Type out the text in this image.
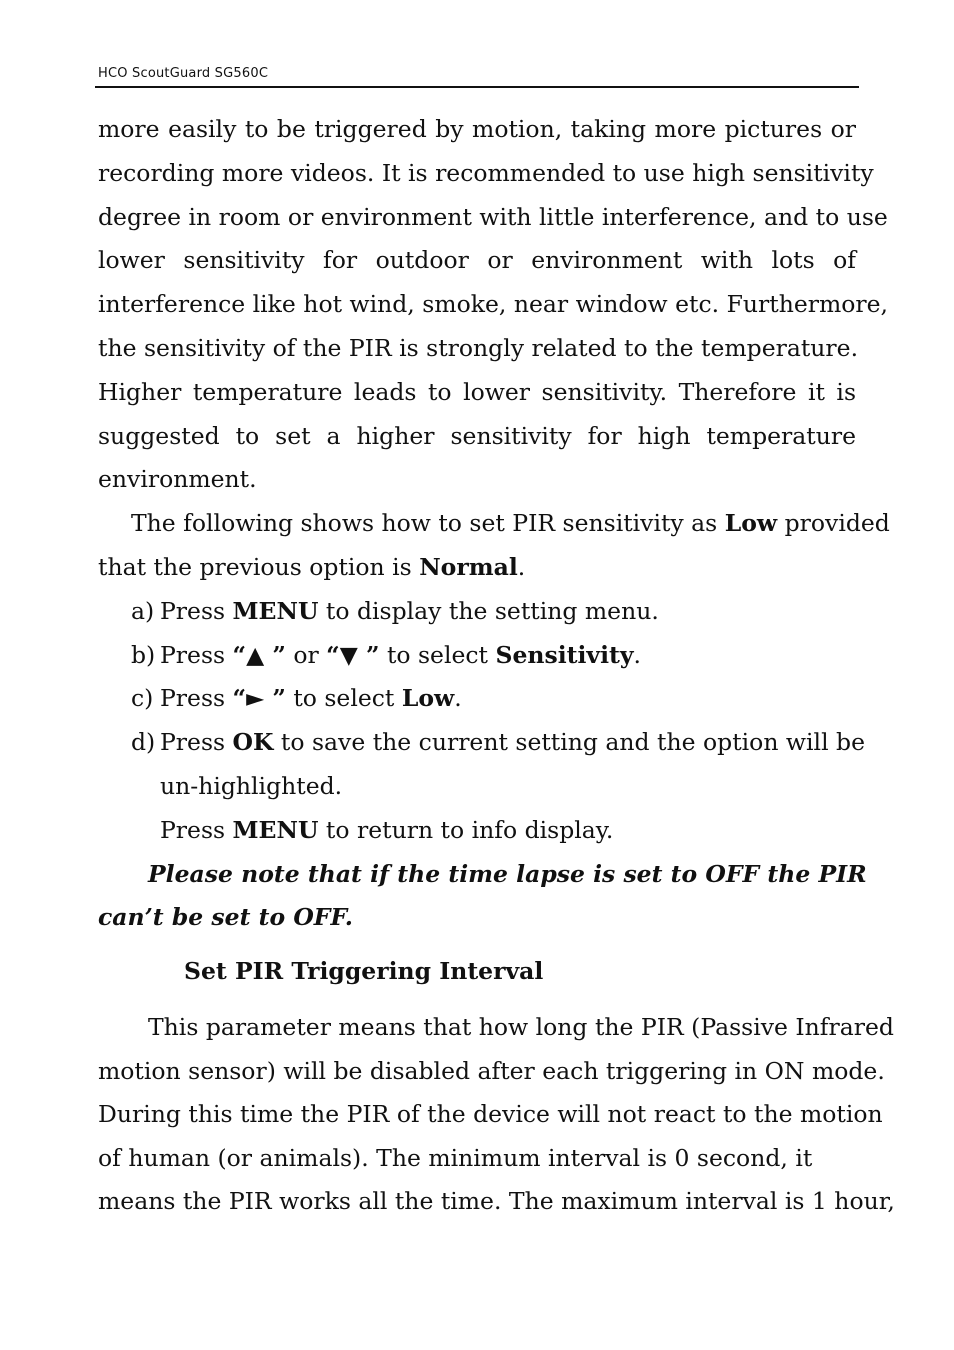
HCO ScoutGuard SG560C
more easily to be triggered by motion, taking more pictures or
recording more videos. It is recommended to use high sensitivity
degree in room or environment with little interference, and to use
lower sensitivity for outdoor or environment with lots of
interference like hot wind, smoke, near window etc. Furthermore,
the sensitivity of the PIR is strongly related to the temperature.
Higher temperature leads to lower sensitivity. Therefore it is
suggested to set a higher sensitivity for high temperature
environment.
The following shows how to set PIR sensitivity as Low provided
that the previous option is Normal.
a) Press MENU to display the setting menu.
b) Press “▲ ” or “▼ ” to select Sensitivity.
c) Press “► ” to select Low.
d) Press OK to save the current setting and the option will be
un-highlighted.
Press MENU to return to info display.
Please note that if the time lapse is set to OFF the PIR
can’t be set to OFF.
Set PIR Triggering Interval
This parameter means that how long the PIR (Passive Infrared
motion sensor) will be disabled after each triggering in ON mode.
During this time the PIR of the device will not react to the motion
of human (or animals). The minimum interval is 0 second, it
means the PIR works all the time. The maximum interval is 1 hour,
